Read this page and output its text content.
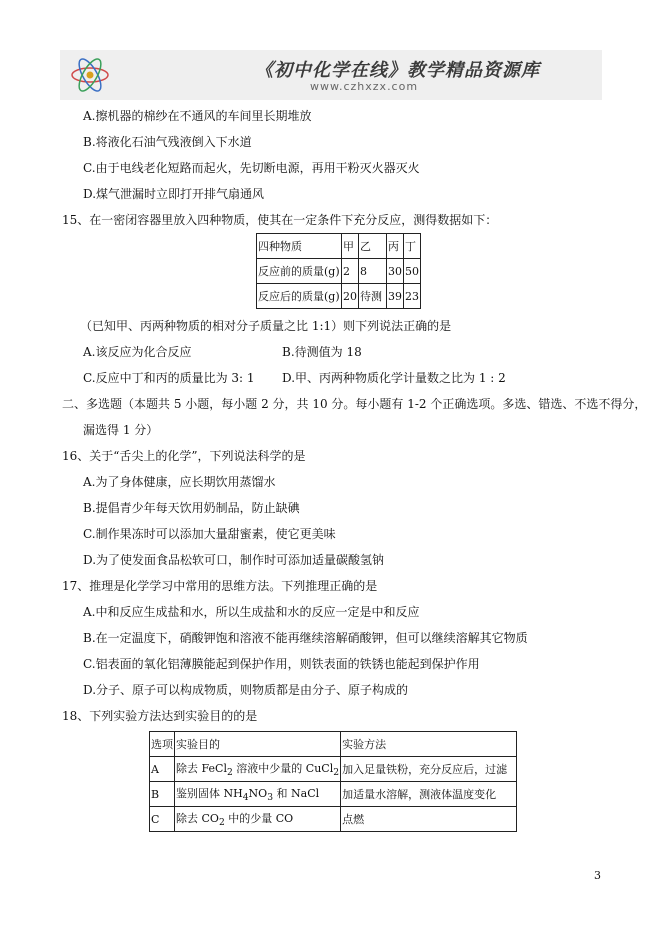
《初中化学在线》教学精品资源库
www.czhxzx.com
A.擦机器的棉纱在不通风的车间里长期堆放
B.将液化石油气残液倒入下水道
C.由于电线老化短路而起火，先切断电源，再用干粉灭火器灭火
D.煤气泄漏时立即打开排气扇通风
15、在一密闭容器里放入四种物质，使其在一定条件下充分反应，测得数据如下：
四种物质	甲	乙	丙	丁
反应前的质量(g)	2	8	30	50
反应后的质量(g)	20	待测	39	23
（已知甲、丙两种物质的相对分子质量之比 1:1）则下列说法正确的是
A.该反应为化合反应	B.待测值为 18
C.反应中丁和丙的质量比为 3: 1 D.甲、丙两种物质化学计量数之比为 1 : 2
二、多选题（本题共 5 小题，每小题 2 分，共 10 分。每小题有 1-2 个正确选项。多选、错选、不选不得分，
漏选得 1 分）
16、关于“舌尖上的化学”，下列说法科学的是
A.为了身体健康，应长期饮用蒸馏水
B.提倡青少年每天饮用奶制品，防止缺碘
C.制作果冻时可以添加大量甜蜜素，使它更美味
D.为了使发面食品松软可口，制作时可添加适量碳酸氢钠
17、推理是化学学习中常用的思维方法。下列推理正确的是
A.中和反应生成盐和水，所以生成盐和水的反应一定是中和反应
B.在一定温度下，硝酸钾饱和溶液不能再继续溶解硝酸钾，但可以继续溶解其它物质
C.铝表面的氧化铝薄膜能起到保护作用，则铁表面的铁锈也能起到保护作用
D.分子、原子可以构成物质，则物质都是由分子、原子构成的
18、下列实验方法达到实验目的的是
选项	实验目的	实验方法
A	除去 FeCl$_2$ 溶液中少量的 CuCl$_2$	加入足量铁粉，充分反应后，过滤
B	鉴别固体 $NH_4NO_3$ 和 NaCl	加适量水溶解，测液体温度变化
C	除去 $CO_2$ 中的少量 CO	点燃
3
